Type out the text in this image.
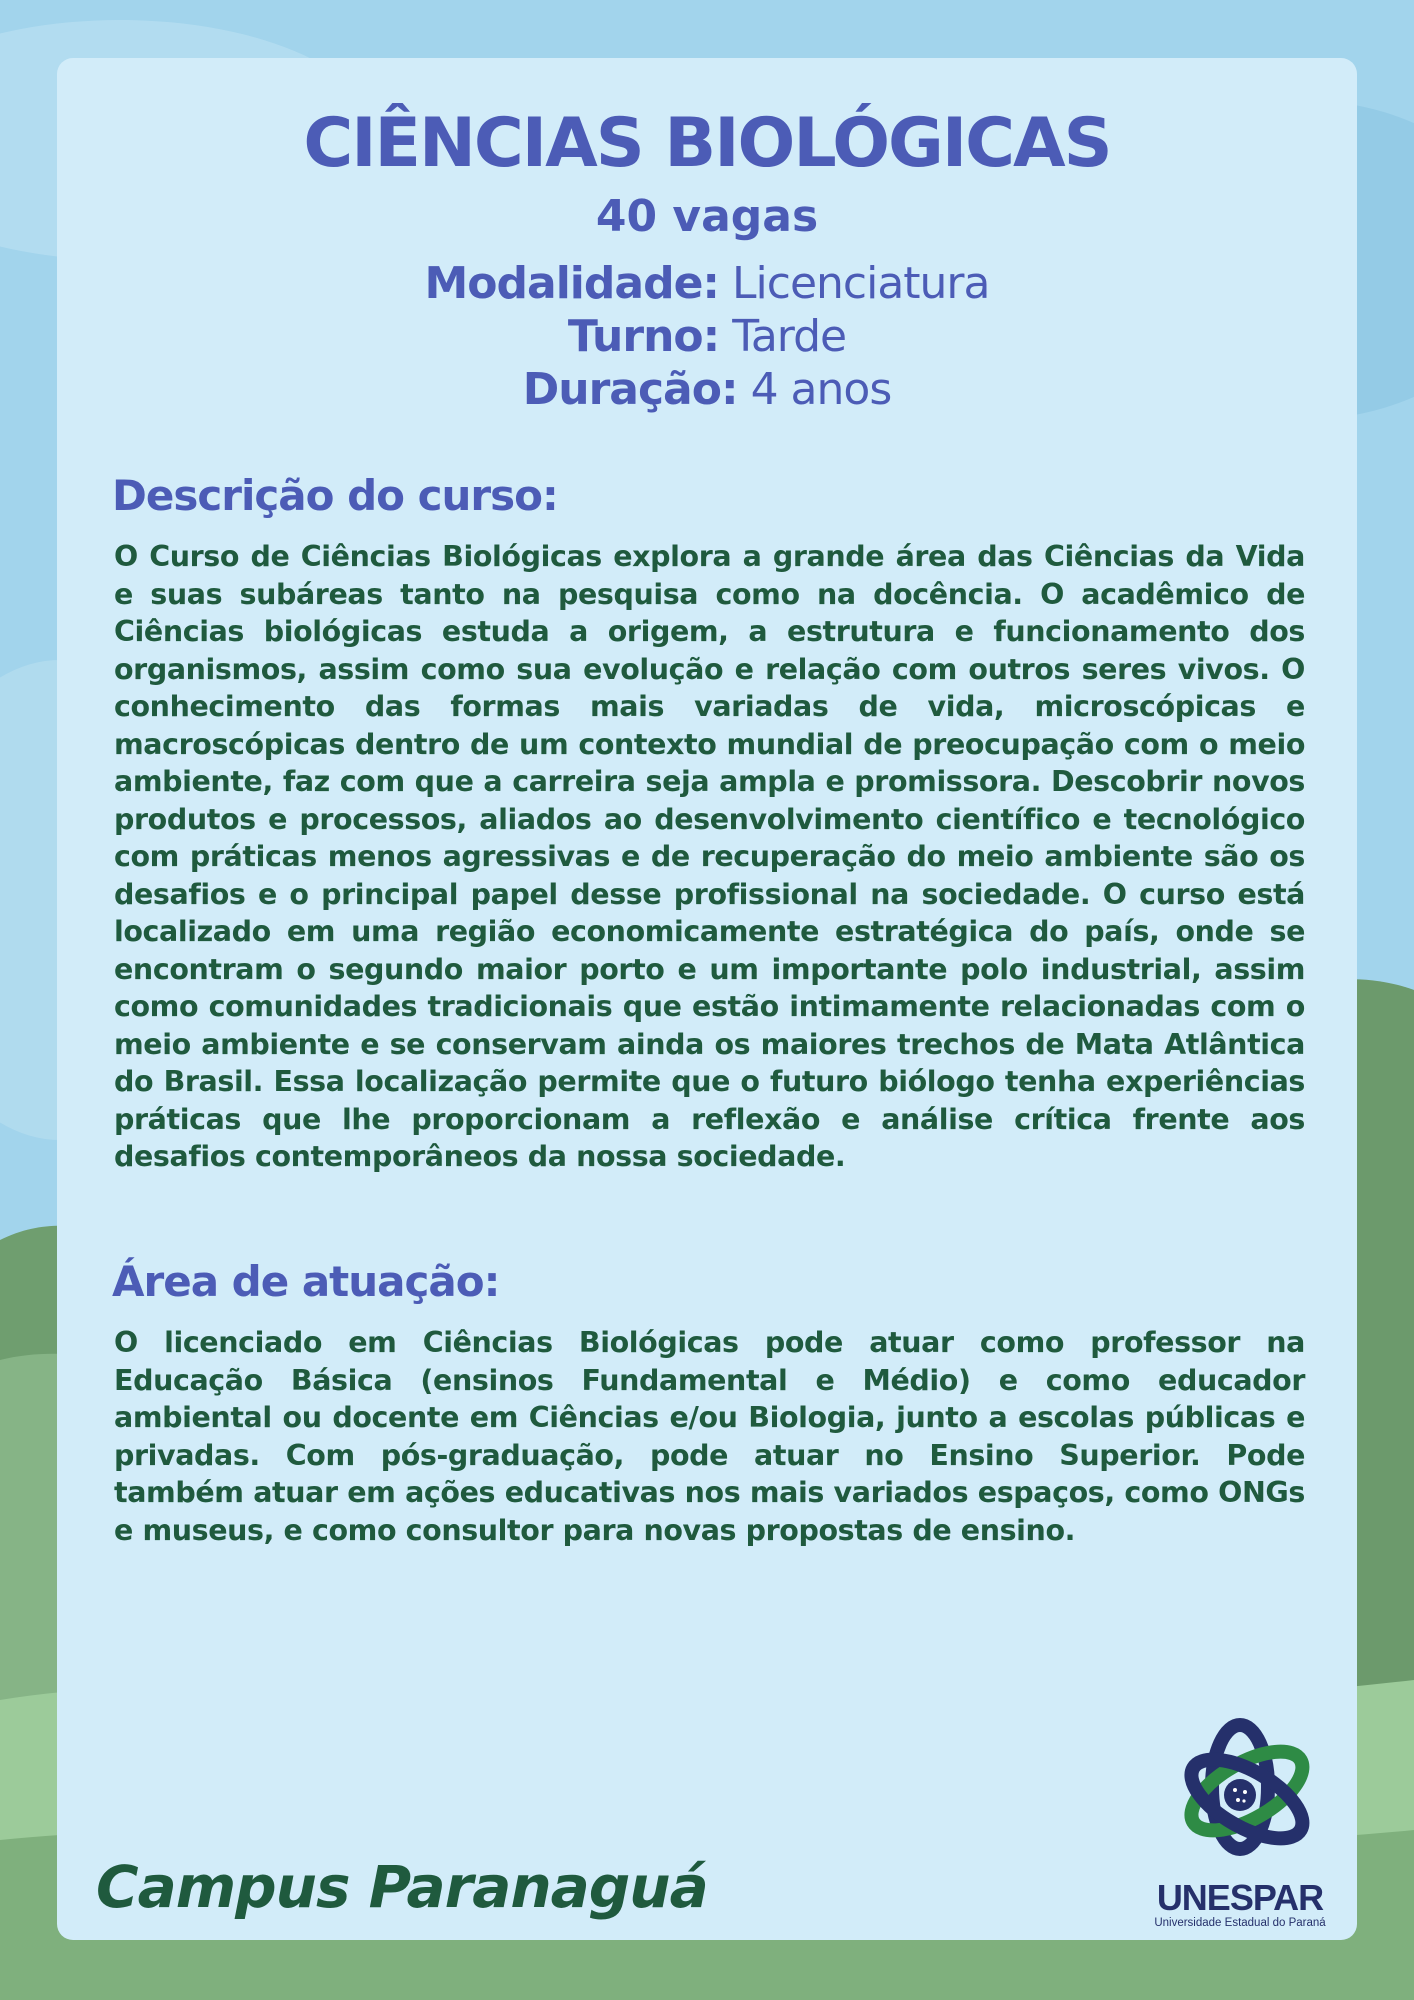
CIÊNCIAS BIOLÓGICAS
40 vagas
Modalidade: Licenciatura
Turno: Tarde
Duração: 4 anos
Descrição do curso:

O Curso de Ciências Biológicas explora a grande área das Ciências da Vida e suas subáreas tanto na pesquisa como na docência. O acadêmico de Ciências biológicas estuda a origem, a estrutura e funcionamento dos organismos, assim como sua evolução e relação com outros seres vivos. O conhecimento das formas mais variadas de vida, microscópicas e macroscópicas dentro de um contexto mundial de preocupação com o meio ambiente, faz com que a carreira seja ampla e promissora. Descobrir novos produtos e processos, aliados ao desenvolvimento científico e tecnológico com práticas menos agressivas e de recuperação do meio ambiente são os desafios e o principal papel desse profissional na sociedade. O curso está localizado em uma região economicamente estratégica do país, onde se encontram o segundo maior porto e um importante polo industrial, assim como comunidades tradicionais que estão intimamente relacionadas com o meio ambiente e se conservam ainda os maiores trechos de Mata Atlântica do Brasil. Essa localização permite que o futuro biólogo tenha experiências práticas que lhe proporcionam a reflexão e análise crítica frente aos desafios contemporâneos da nossa sociedade.

Área de atuação:

O licenciado em Ciências Biológicas pode atuar como professor na Educação Básica (ensinos Fundamental e Médio) e como educador ambiental ou docente em Ciências e/ou Biologia, junto a escolas públicas e privadas. Com pós-graduação, pode atuar no Ensino Superior. Pode também atuar em ações educativas nos mais variados espaços, como ONGs e museus, e como consultor para novas propostas de ensino.

Campus Paranaguá	UNESPAR
Universidade Estadual do Paraná
